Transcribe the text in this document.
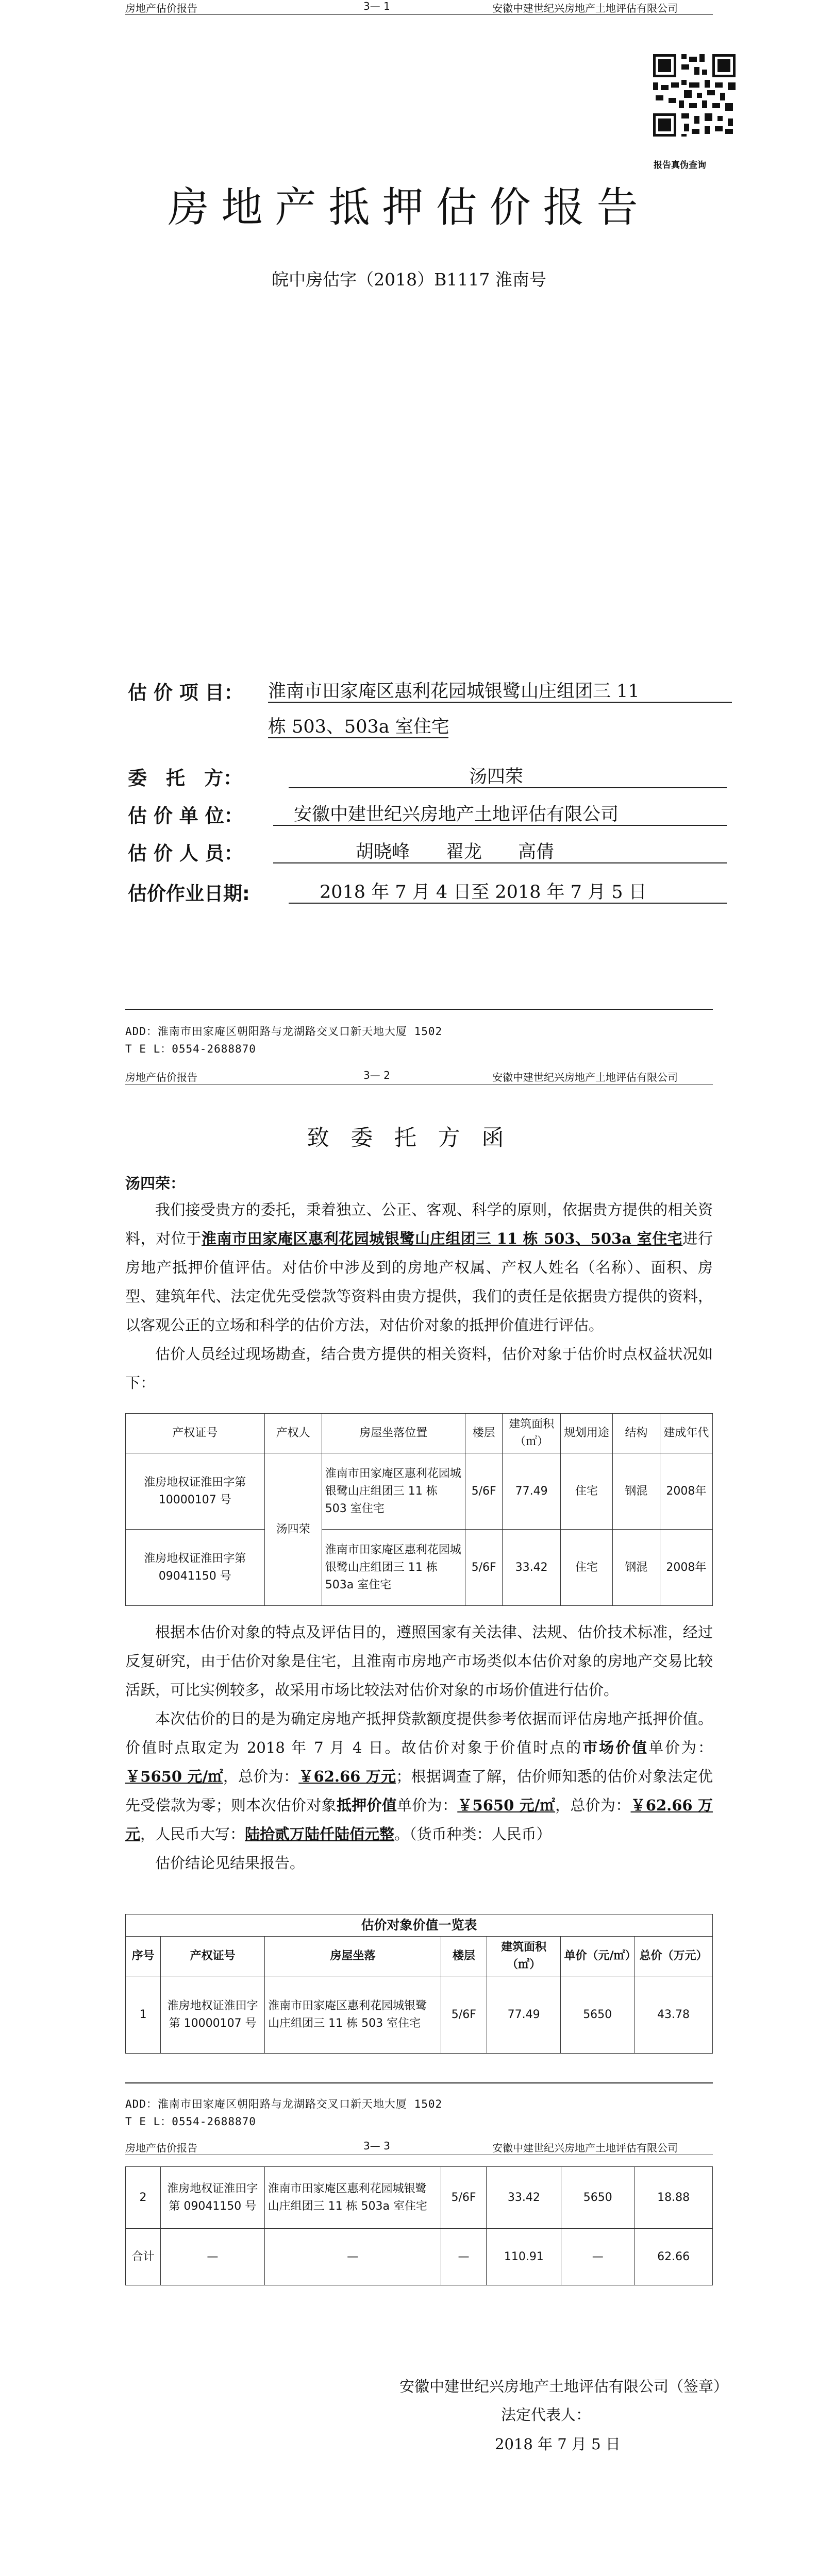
房地产估价报告	3— 1	安徽中建世纪兴房地产土地评估有限公司
报告真伪查询
房地产抵押估价报告
皖中房估字（2018）B1117 淮南号
估 价 项 目： 淮南市田家庵区惠利花园城银鹭山庄组团三 11
栋 503、503a 室住宅
委　托　方：	汤四荣
估 价 单 位：	安徽中建世纪兴房地产土地评估有限公司
估 价 人 员：	胡晓峰　　翟龙　　高倩
估价作业日期:	2018 年 7 月 4 日至 2018 年 7 月 5 日
ADD：淮南市田家庵区朝阳路与龙湖路交叉口新天地大厦 1502
T E L：0554-2688870
房地产估价报告	3— 2	安徽中建世纪兴房地产土地评估有限公司
致 委 托 方 函
汤四荣：

我们接受贵方的委托，秉着独立、公正、客观、科学的原则，依据贵方提供的相关资料，对位于淮南市田家庵区惠利花园城银鹭山庄组团三 11 栋 503、503a 室住宅进行房地产抵押价值评估。对估价中涉及到的房地产权属、产权人姓名（名称）、面积、房型、建筑年代、法定优先受偿款等资料由贵方提供，我们的责任是依据贵方提供的资料，以客观公正的立场和科学的估价方法，对估价对象的抵押价值进行评估。

估价人员经过现场勘查，结合贵方提供的相关资料，估价对象于估价时点权益状况如下：

产权证号	产权人	房屋坐落位置	楼层	建筑面积（㎡）	规划用途	结构	建成年代
淮房地权证淮田字第 10000107 号	汤四荣	淮南市田家庵区惠利花园城银鹭山庄组团三 11 栋 503 室住宅	5/6F	77.49	住宅	钢混	2008年
淮房地权证淮田字第 09041150 号		淮南市田家庵区惠利花园城银鹭山庄组团三 11 栋 503a 室住宅	5/6F	33.42	住宅	钢混	2008年

根据本估价对象的特点及评估目的，遵照国家有关法律、法规、估价技术标准，经过反复研究，由于估价对象是住宅，且淮南市房地产市场类似本估价对象的房地产交易比较活跃，可比实例较多，故采用市场比较法对估价对象的市场价值进行估价。

本次估价的目的是为确定房地产抵押贷款额度提供参考依据而评估房地产抵押价值。价值时点取定为 2018 年 7 月 4 日。故估价对象于价值时点的市场价值单价为：￥5650 元/㎡，总价为：￥62.66 万元；根据调查了解，估价师知悉的估价对象法定优先受偿款为零；则本次估价对象抵押价值单价为：￥5650 元/㎡，总价为：￥62.66 万元，人民币大写：陆拾贰万陆仟陆佰元整。（货币种类：人民币）

估价结论见结果报告。

估价对象价值一览表						
序号	产权证号	房屋坐落	楼层	建筑面积（㎡）	单价（元/㎡）	总价（万元）
1	淮房地权证淮田字第 10000107 号	淮南市田家庵区惠利花园城银鹭山庄组团三 11 栋 503 室住宅	5/6F	77.49	5650	43.78
ADD：淮南市田家庵区朝阳路与龙湖路交叉口新天地大厦 1502
T E L：0554-2688870
房地产估价报告	3— 3	安徽中建世纪兴房地产土地评估有限公司
2	淮房地权证淮田字第 09041150 号	淮南市田家庵区惠利花园城银鹭山庄组团三 11 栋 503a 室住宅	5/6F	33.42	5650	18.88
合计	—	—	—	110.91	—	62.66
安徽中建世纪兴房地产土地评估有限公司（签章）
法定代表人：
2018 年 7 月 5 日
